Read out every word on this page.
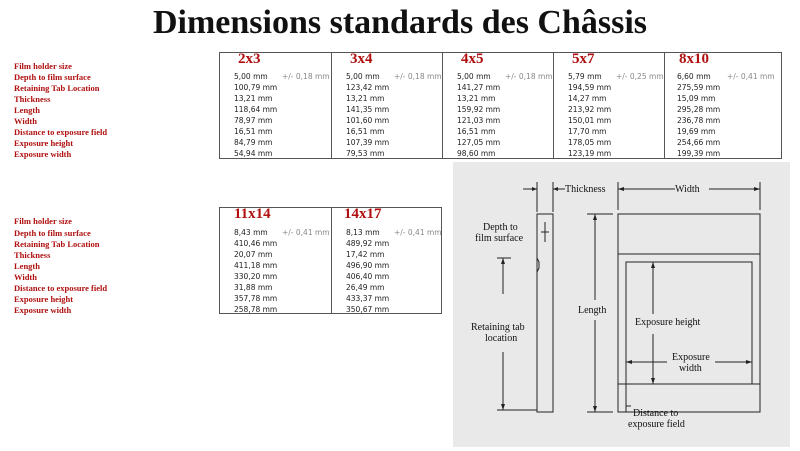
Dimensions standards des Châssis
Film holder size
Depth to film surface
Retaining Tab Location
Thickness
Length
Width
Distance to exposure field
Exposure height
Exposure width
2x3
5,00 mm +/- 0,18 mm
100,79 mm
13,21 mm
118,64 mm
78,97 mm
16,51 mm
84,79 mm
54,94 mm
3x4
5,00 mm +/- 0,18 mm
123,42 mm
13,21 mm
141,35 mm
101,60 mm
16,51 mm
107,39 mm
79,53 mm
4x5
5,00 mm +/- 0,18 mm
141,27 mm
13,21 mm
159,92 mm
121,03 mm
16,51 mm
127,05 mm
98,60 mm
5x7
5,79 mm +/- 0,25 mm
194,59 mm
14,27 mm
213,92 mm
150,01 mm
17,70 mm
178,05 mm
123,19 mm
8x10
6,60 mm +/- 0,41 mm
275,59 mm
15,09 mm
295,28 mm
236,78 mm
19,69 mm
254,66 mm
199,39 mm
Film holder size
Depth to film surface
Retaining Tab Location
Thickness
Length
Width
Distance to exposure field
Exposure height
Exposure width
11x14
8,43 mm +/- 0,41 mm
410,46 mm
20,07 mm
411,18 mm
330,20 mm
31,88 mm
357,78 mm
258,78 mm
14x17
8,13 mm +/- 0,41 mm
489,92 mm
17,42 mm
496,90 mm
406,40 mm
26,49 mm
433,37 mm
350,67 mm
Thickness	Width
Depth to
film surface
Length
Exposure height
Retaining tab
location
Exposure
width
Distance to
exposure field
